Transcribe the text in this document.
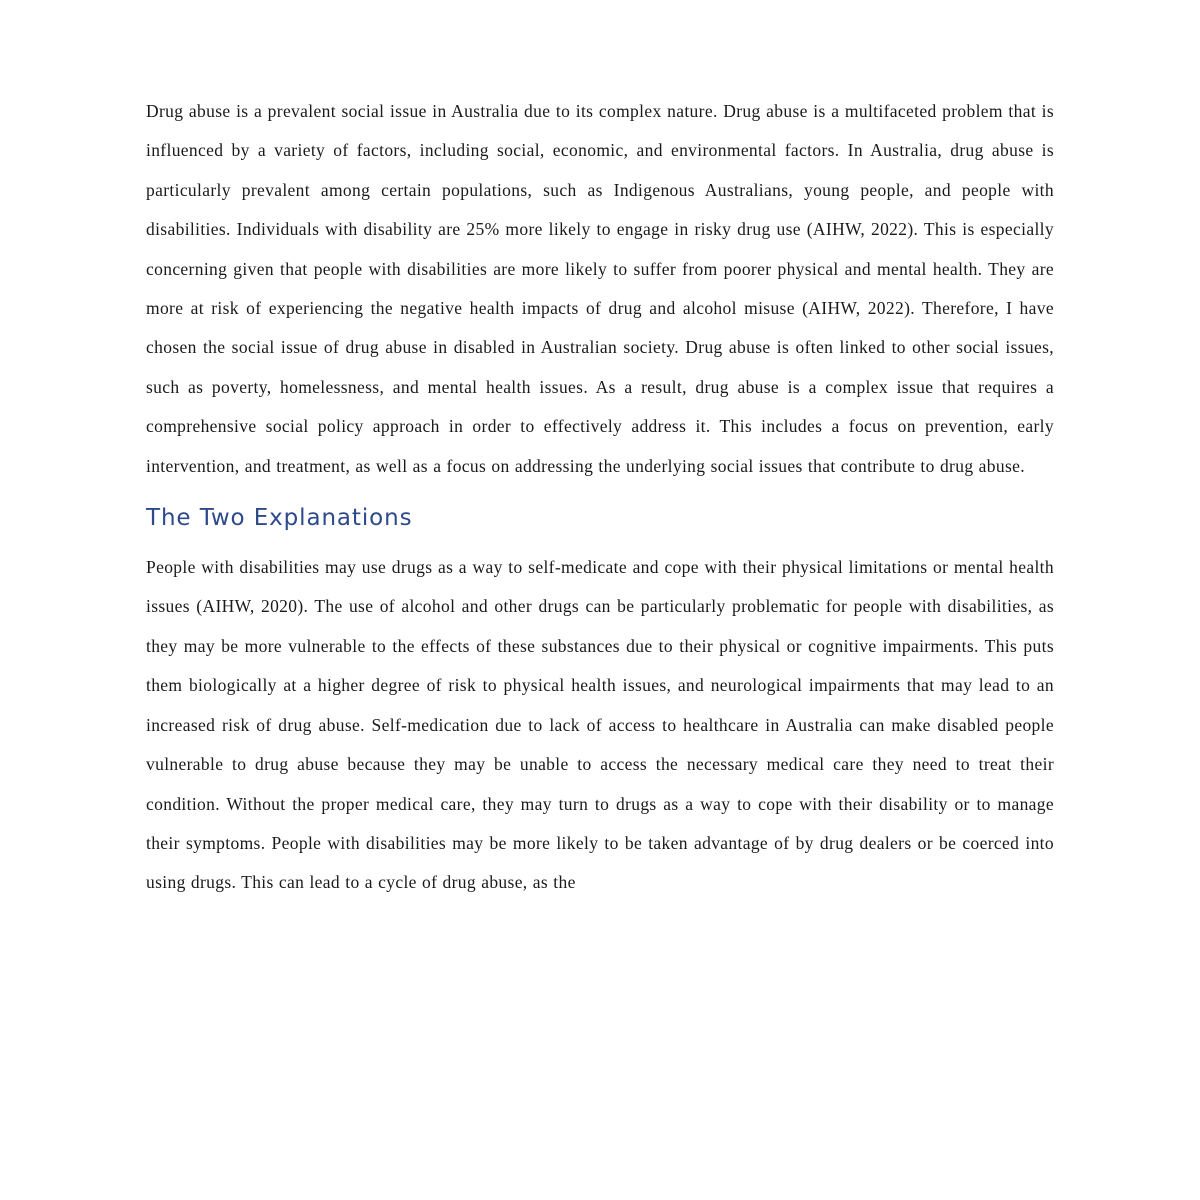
Drug abuse is a prevalent social issue in Australia due to its complex nature. Drug abuse is a multifaceted problem that is influenced by a variety of factors, including social, economic, and environmental factors. In Australia, drug abuse is particularly prevalent among certain populations, such as Indigenous Australians, young people, and people with disabilities. Individuals with disability are 25% more likely to engage in risky drug use (AIHW, 2022). This is especially concerning given that people with disabilities are more likely to suffer from poorer physical and mental health. They are more at risk of experiencing the negative health impacts of drug and alcohol misuse (AIHW, 2022). Therefore, I have chosen the social issue of drug abuse in disabled in Australian society. Drug abuse is often linked to other social issues, such as poverty, homelessness, and mental health issues. As a result, drug abuse is a complex issue that requires a comprehensive social policy approach in order to effectively address it. This includes a focus on prevention, early intervention, and treatment, as well as a focus on addressing the underlying social issues that contribute to drug abuse.

The Two Explanations

People with disabilities may use drugs as a way to self-medicate and cope with their physical limitations or mental health issues (AIHW, 2020). The use of alcohol and other drugs can be particularly problematic for people with disabilities, as they may be more vulnerable to the effects of these substances due to their physical or cognitive impairments. This puts them biologically at a higher degree of risk to physical health issues, and neurological impairments that may lead to an increased risk of drug abuse. Self-medication due to lack of access to healthcare in Australia can make disabled people vulnerable to drug abuse because they may be unable to access the necessary medical care they need to treat their condition. Without the proper medical care, they may turn to drugs as a way to cope with their disability or to manage their symptoms. People with disabilities may be more likely to be taken advantage of by drug dealers or be coerced into using drugs. This can lead to a cycle of drug abuse, as the
